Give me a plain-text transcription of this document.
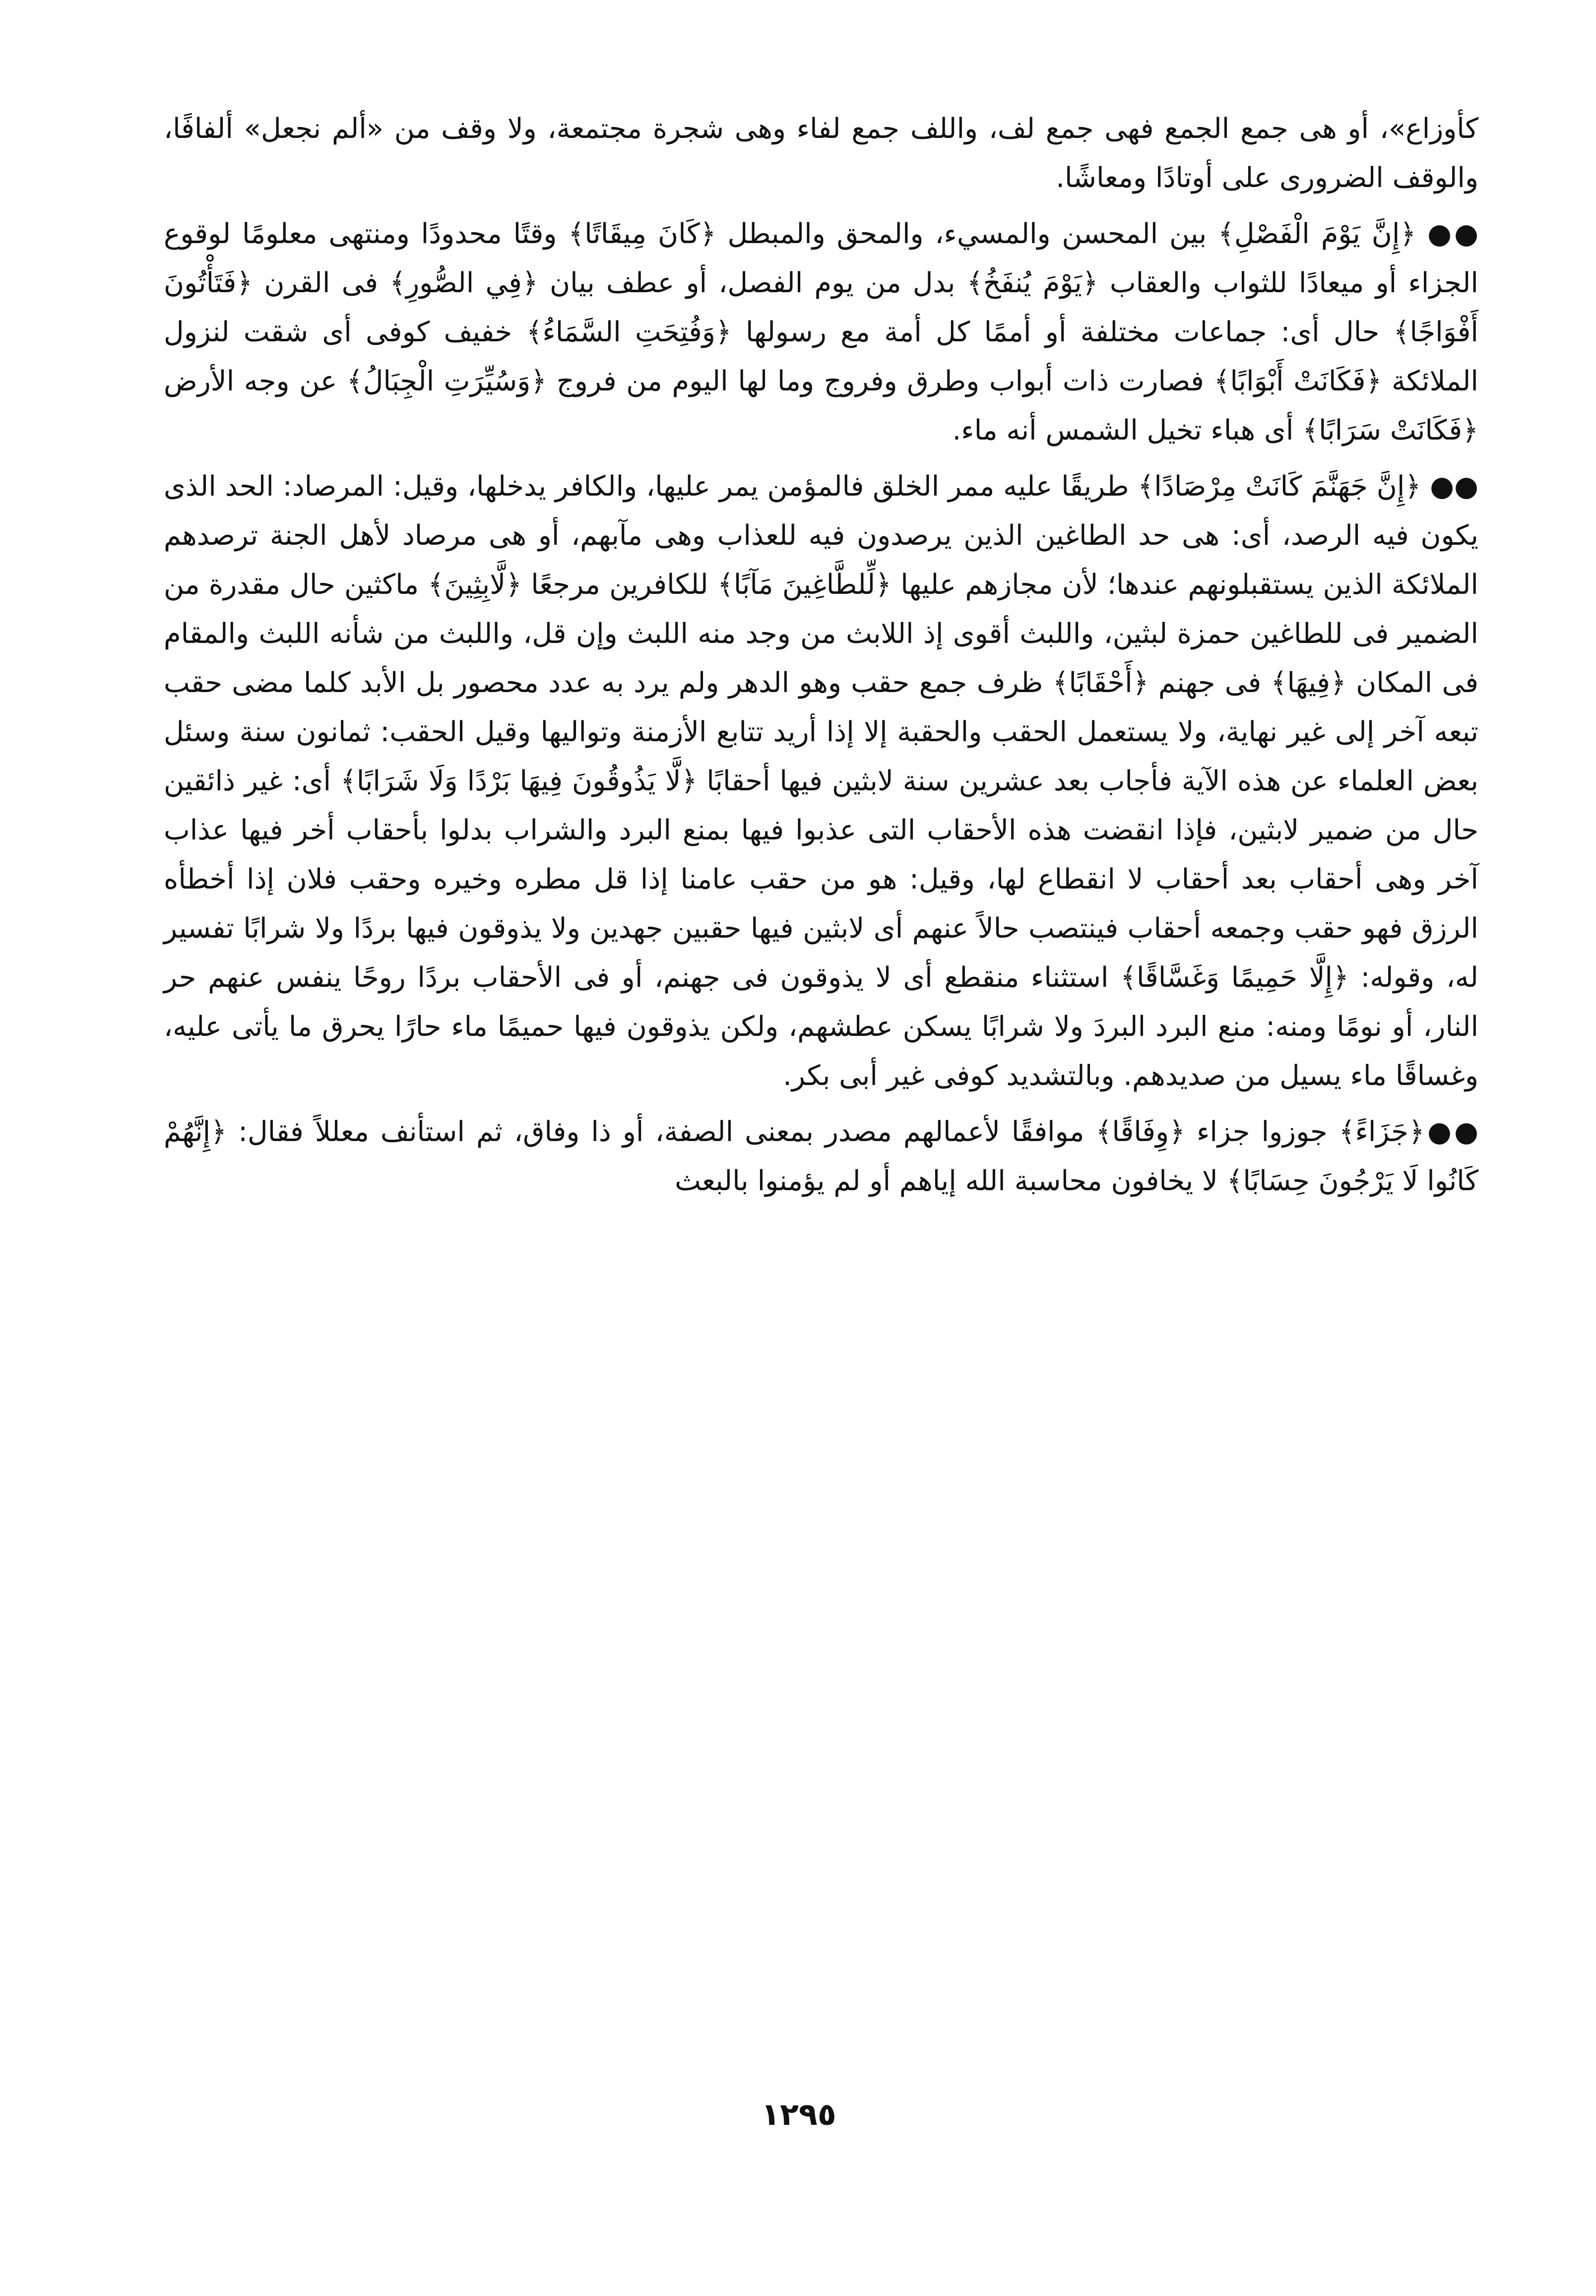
كأوزاع»، أو هى جمع الجمع فهى جمع لف، واللف جمع لفاء وهى شجرة مجتمعة، ولا وقف من «ألم نجعل» ألفافًا، والوقف الضرورى على أوتادًا ومعاشًا.

●● ﴿إِنَّ يَوْمَ الْفَصْلِ﴾ بين المحسن والمسيء، والمحق والمبطل ﴿كَانَ مِيقَاتًا﴾ وقتًا محدودًا ومنتهى معلومًا لوقوع الجزاء أو ميعادًا للثواب والعقاب ﴿يَوْمَ يُنفَخُ﴾ بدل من يوم الفصل، أو عطف بيان ﴿فِي الصُّورِ﴾ فى القرن ﴿فَتَأْتُونَ أَفْوَاجًا﴾ حال أى: جماعات مختلفة أو أممًا كل أمة مع رسولها ﴿وَفُتِحَتِ السَّمَاءُ﴾ خفيف كوفى أى شقت لنزول الملائكة ﴿فَكَانَتْ أَبْوَابًا﴾ فصارت ذات أبواب وطرق وفروج وما لها اليوم من فروج ﴿وَسُيِّرَتِ الْجِبَالُ﴾ عن وجه الأرض ﴿فَكَانَتْ سَرَابًا﴾ أى هباء تخيل الشمس أنه ماء.

●● ﴿إِنَّ جَهَنَّمَ كَانَتْ مِرْصَادًا﴾ طريقًا عليه ممر الخلق فالمؤمن يمر عليها، والكافر يدخلها، وقيل: المرصاد: الحد الذى يكون فيه الرصد، أى: هى حد الطاغين الذين يرصدون فيه للعذاب وهى مآبهم، أو هى مرصاد لأهل الجنة ترصدهم الملائكة الذين يستقبلونهم عندها؛ لأن مجازهم عليها ﴿لِّلطَّاغِينَ مَآبًا﴾ للكافرين مرجعًا ﴿لَّابِثِينَ﴾ ماكثين حال مقدرة من الضمير فى للطاغين حمزة لبثين، واللبث أقوى إذ اللابث من وجد منه اللبث وإن قل، واللبث من شأنه اللبث والمقام فى المكان ﴿فِيهَا﴾ فى جهنم ﴿أَحْقَابًا﴾ ظرف جمع حقب وهو الدهر ولم يرد به عدد محصور بل الأبد كلما مضى حقب تبعه آخر إلى غير نهاية، ولا يستعمل الحقب والحقبة إلا إذا أريد تتابع الأزمنة وتواليها وقيل الحقب: ثمانون سنة وسئل بعض العلماء عن هذه الآية فأجاب بعد عشرين سنة لابثين فيها أحقابًا ﴿لَّا يَذُوقُونَ فِيهَا بَرْدًا وَلَا شَرَابًا﴾ أى: غير ذائقين حال من ضمير لابثين، فإذا انقضت هذه الأحقاب التى عذبوا فيها بمنع البرد والشراب بدلوا بأحقاب أخر فيها عذاب آخر وهى أحقاب بعد أحقاب لا انقطاع لها، وقيل: هو من حقب عامنا إذا قل مطره وخيره وحقب فلان إذا أخطأه الرزق فهو حقب وجمعه أحقاب فينتصب حالاً عنهم أى لابثين فيها حقبين جهدين ولا يذوقون فيها بردًا ولا شرابًا تفسير له، وقوله: ﴿إِلَّا حَمِيمًا وَغَسَّاقًا﴾ استثناء منقطع أى لا يذوقون فى جهنم، أو فى الأحقاب بردًا روحًا ينفس عنهم حر النار، أو نومًا ومنه: منع البرد البردَ ولا شرابًا يسكن عطشهم، ولكن يذوقون فيها حميمًا ماء حارًا يحرق ما يأتى عليه، وغساقًا ماء يسيل من صديدهم. وبالتشديد كوفى غير أبى بكر.

●●﴿جَزَاءً﴾ جوزوا جزاء ﴿وِفَاقًا﴾ موافقًا لأعمالهم مصدر بمعنى الصفة، أو ذا وفاق، ثم استأنف معللاً فقال: ﴿إِنَّهُمْ كَانُوا لَا يَرْجُونَ حِسَابًا﴾ لا يخافون محاسبة الله إياهم أو لم يؤمنوا بالبعث

١٢٩٥
